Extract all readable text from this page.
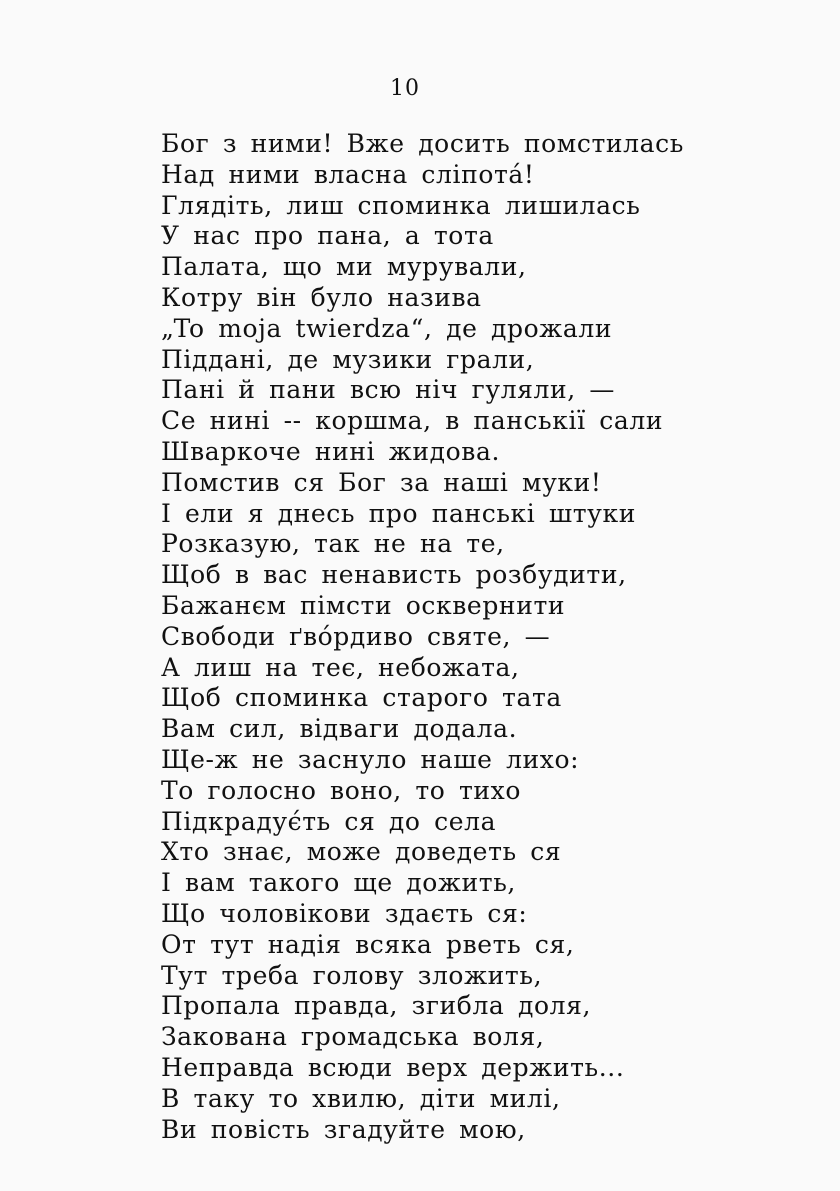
10
Бог з ними! Вже досить помстилась
Над ними власна сліпота́!
Глядіть, лиш споминка лишилась
У нас про пана, а тота
Палата, що ми мурували,
Котру він було назива
„To moja twierdza“, де дрожали
Піддані, де музики грали,
Пані й пани всю ніч гуляли, —
Се нині -- коршма, в панськії сали
Шваркоче нині жидова.
Помстив ся Бог за наші муки!
І ели я днесь про панські штуки
Розказую, так не на те,
Щоб в вас ненависть розбудити,
Бажанєм пімсти осквернити
Свободи ґво́рдиво святе, —
А лиш на теє, небожата,
Щоб споминка старого тата
Вам сил, відваги додала.
Ще-ж не заснуло наше лихо:
То голосно воно, то тихо
Підкрадує́ть ся до села
Хто знає, може доведеть ся
І вам такого ще дожить,
Що чоловікови здаєть ся:
От тут надія всяка рветь ся,
Тут треба голову зложить,
Пропала правда, згибла доля,
Закована громадська воля,
Неправда всюди верх держить...
В таку то хвилю, діти милі,
Ви повість згадуйте мою,
